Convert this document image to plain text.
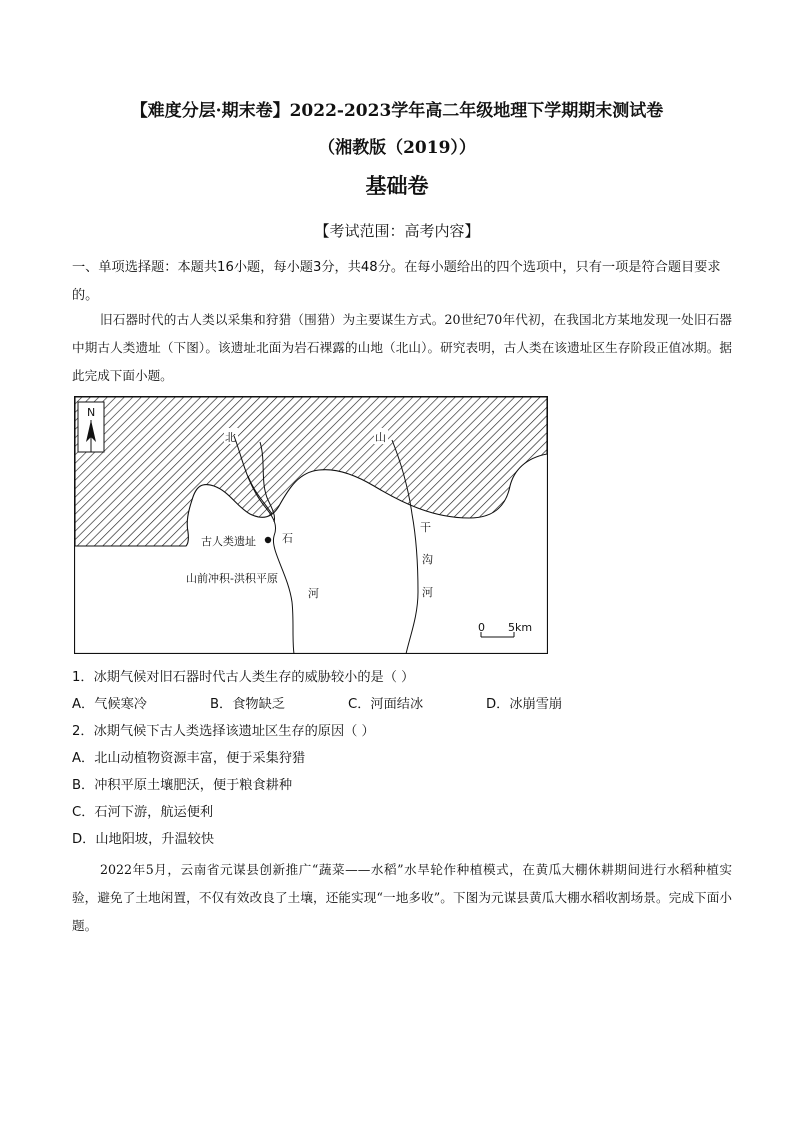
【难度分层·期末卷】2022-2023学年高二年级地理下学期期末测试卷
（湘教版（2019））
基础卷
【考试范围：高考内容】
一、单项选择题：本题共16小题，每小题3分，共48分。在每小题给出的四个选项中，只有一项是符合题目要求的。
旧石器时代的古人类以采集和狩猎（围猎）为主要谋生方式。20世纪70年代初，在我国北方某地发现一处旧石器中期古人类遗址（下图）。该遗址北面为岩石裸露的山地（北山）。研究表明，古人类在该遗址区生存阶段正值冰期。据此完成下面小题。
N
北	山
古人类遗址 石
山前冲积-洪积平原
河
干
沟
河
0 5km
1．冰期气候对旧石器时代古人类生存的威胁较小的是（ ）
A．气候寒冷	B．食物缺乏	C．河面结冰	D．冰崩雪崩
2．冰期气候下古人类选择该遗址区生存的原因（ ）
A．北山动植物资源丰富，便于采集狩猎
B．冲积平原土壤肥沃，便于粮食耕种
C．石河下游，航运便利
D．山地阳坡，升温较快
2022年5月，云南省元谋县创新推广“蔬菜——水稻”水旱轮作种植模式，在黄瓜大棚休耕期间进行水稻种植实验，避免了土地闲置，不仅有效改良了土壤，还能实现“一地多收”。下图为元谋县黄瓜大棚水稻收割场景。完成下面小题。
